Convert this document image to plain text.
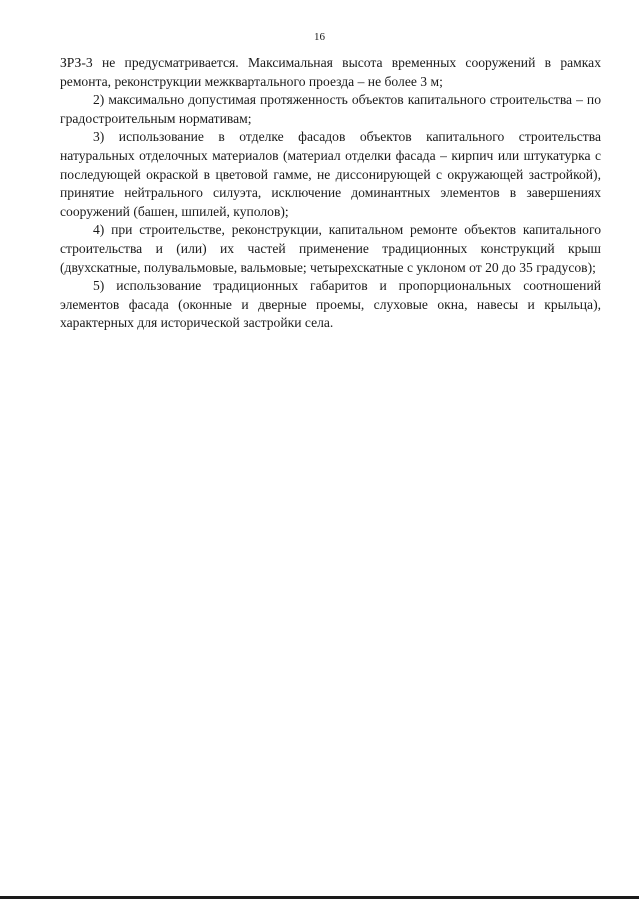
16

ЗРЗ-3 не предусматривается. Максимальная высота временных сооружений в рамках ремонта, реконструкции межквартального проезда – не более 3 м;

2) максимально допустимая протяженность объектов капитального строительства – по градостроительным нормативам;

3) использование в отделке фасадов объектов капитального строительства натуральных отделочных материалов (материал отделки фасада – кирпич или штукатурка с последующей окраской в цветовой гамме, не диссонирующей с окружающей застройкой), принятие нейтрального силуэта, исключение доминантных элементов в завершениях сооружений (башен, шпилей, куполов);

4) при строительстве, реконструкции, капитальном ремонте объектов капитального строительства и (или) их частей применение традиционных конструкций крыш (двухскатные, полувальмовые, вальмовые; четырехскатные с уклоном от 20 до 35 градусов);

5) использование традиционных габаритов и пропорциональных соотношений элементов фасада (оконные и дверные проемы, слуховые окна, навесы и крыльца), характерных для исторической застройки села.
